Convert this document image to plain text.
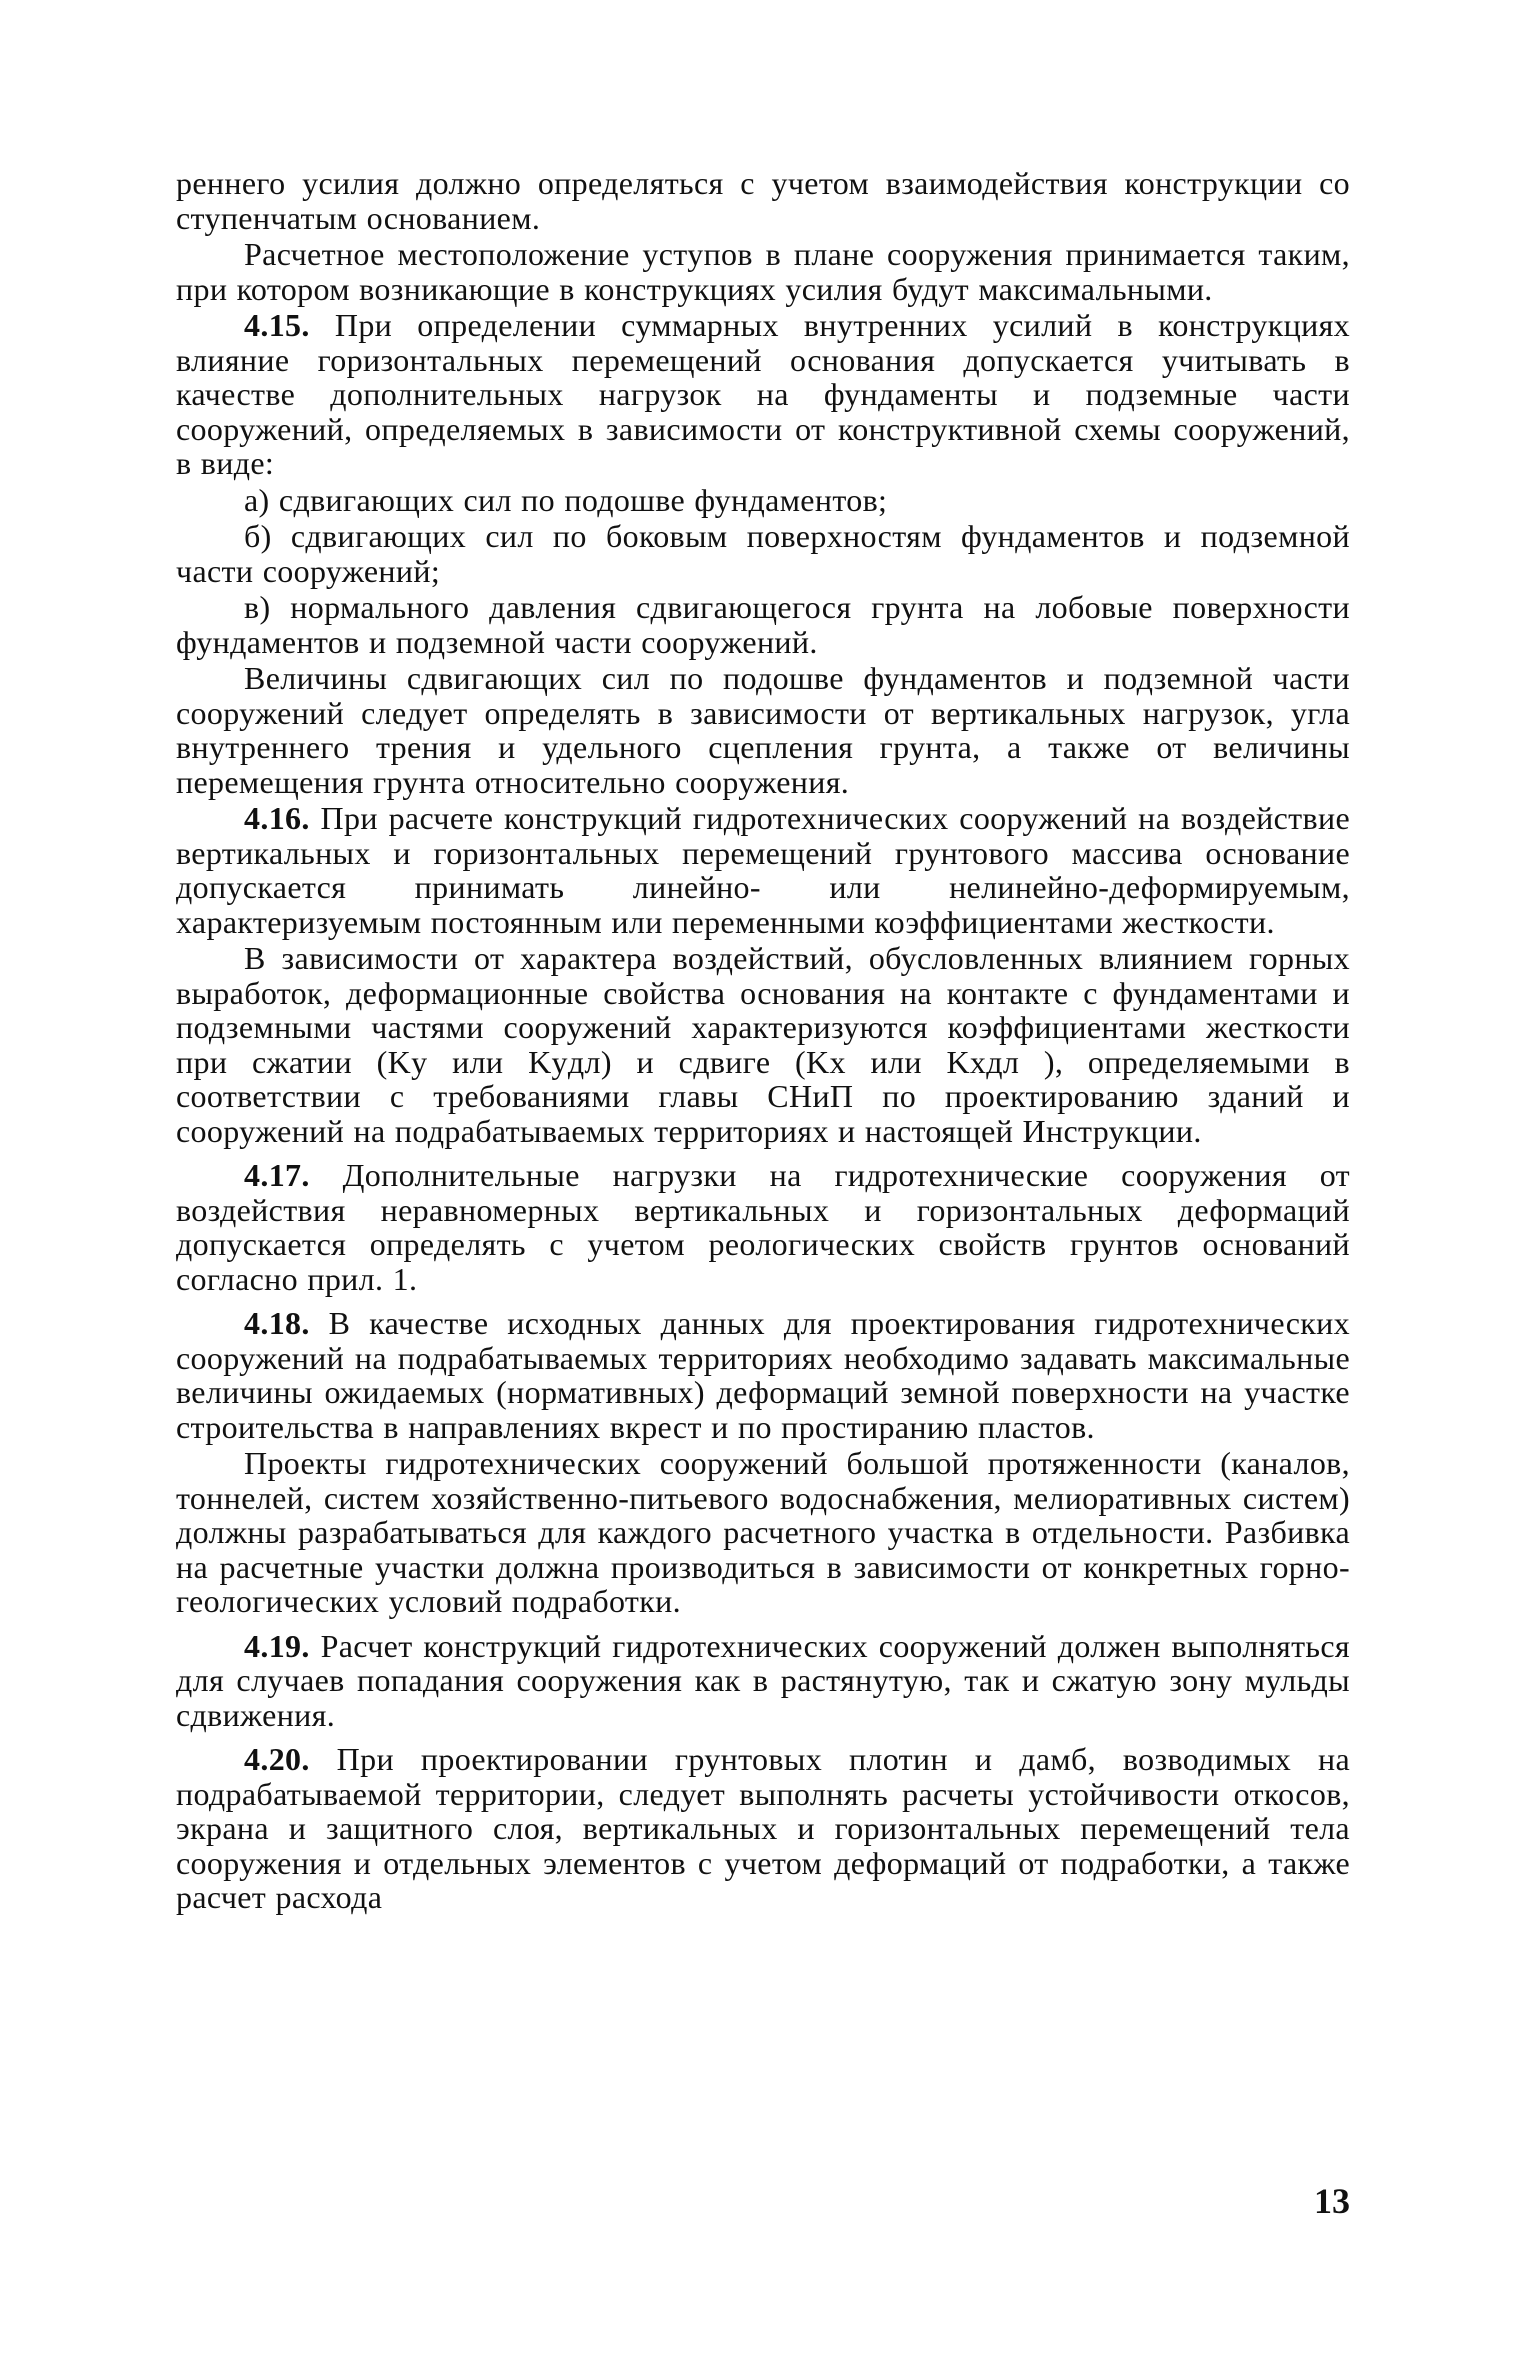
реннего усилия должно определяться с учетом взаимодействия конструкции со ступенчатым основанием.

Расчетное местоположение уступов в плане сооружения принимается таким, при котором возникающие в конструкциях усилия будут максимальными.

4.15. При определении суммарных внутренних усилий в конструкциях влияние горизонтальных перемещений основания допускается учитывать в качестве дополнительных нагрузок на фундаменты и подземные части сооружений, определяемых в зависимости от конструктивной схемы сооружений, в виде:

а) сдвигающих сил по подошве фундаментов;

б) сдвигающих сил по боковым поверхностям фундаментов и подземной части сооружений;

в) нормального давления сдвигающегося грунта на лобовые поверхности фундаментов и подземной части сооружений.

Величины сдвигающих сил по подошве фундаментов и подземной части сооружений следует определять в зависимости от вертикальных нагрузок, угла внутреннего трения и удельного сцепления грунта, а также от величины перемещения грунта относительно сооружения.

4.16. При расчете конструкций гидротехнических сооружений на воздействие вертикальных и горизонтальных перемещений грунтового массива основание допускается принимать линейно- или нелинейно-деформируемым, характеризуемым постоянным или переменными коэффициентами жесткости.

В зависимости от характера воздействий, обусловленных влиянием горных выработок, деформационные свойства основания на контакте с фундаментами и подземными частями сооружений характеризуются коэффициентами жесткости при сжатии (Ky или Kyдл) и сдвиге (Kx или Kxдл ), определяемыми в соответствии с требованиями главы СНиП по проектированию зданий и сооружений на подрабатываемых территориях и настоящей Инструкции.

4.17. Дополнительные нагрузки на гидротехнические сооружения от воздействия неравномерных вертикальных и горизонтальных деформаций допускается определять с учетом реологических свойств грунтов оснований согласно прил. 1.

4.18. В качестве исходных данных для проектирования гидротехнических сооружений на подрабатываемых территориях необходимо задавать максимальные величины ожидаемых (нормативных) деформаций земной поверхности на участке строительства в направлениях вкрест и по простиранию пластов.

Проекты гидротехнических сооружений большой протяженности (каналов, тоннелей, систем хозяйственно-питьевого водоснабжения, мелиоративных систем) должны разрабатываться для каждого расчетного участка в отдельности. Разбивка на расчетные участки должна производиться в зависимости от конкретных горно-геологических условий подработки.

4.19. Расчет конструкций гидротехнических сооружений должен выполняться для случаев попадания сооружения как в растянутую, так и сжатую зону мульды сдвижения.

4.20. При проектировании грунтовых плотин и дамб, возводимых на подрабатываемой территории, следует выполнять расчеты устойчивости откосов, экрана и защитного слоя, вертикальных и горизонтальных перемещений тела сооружения и отдельных элементов с учетом деформаций от подработки, а также расчет расхода

13
